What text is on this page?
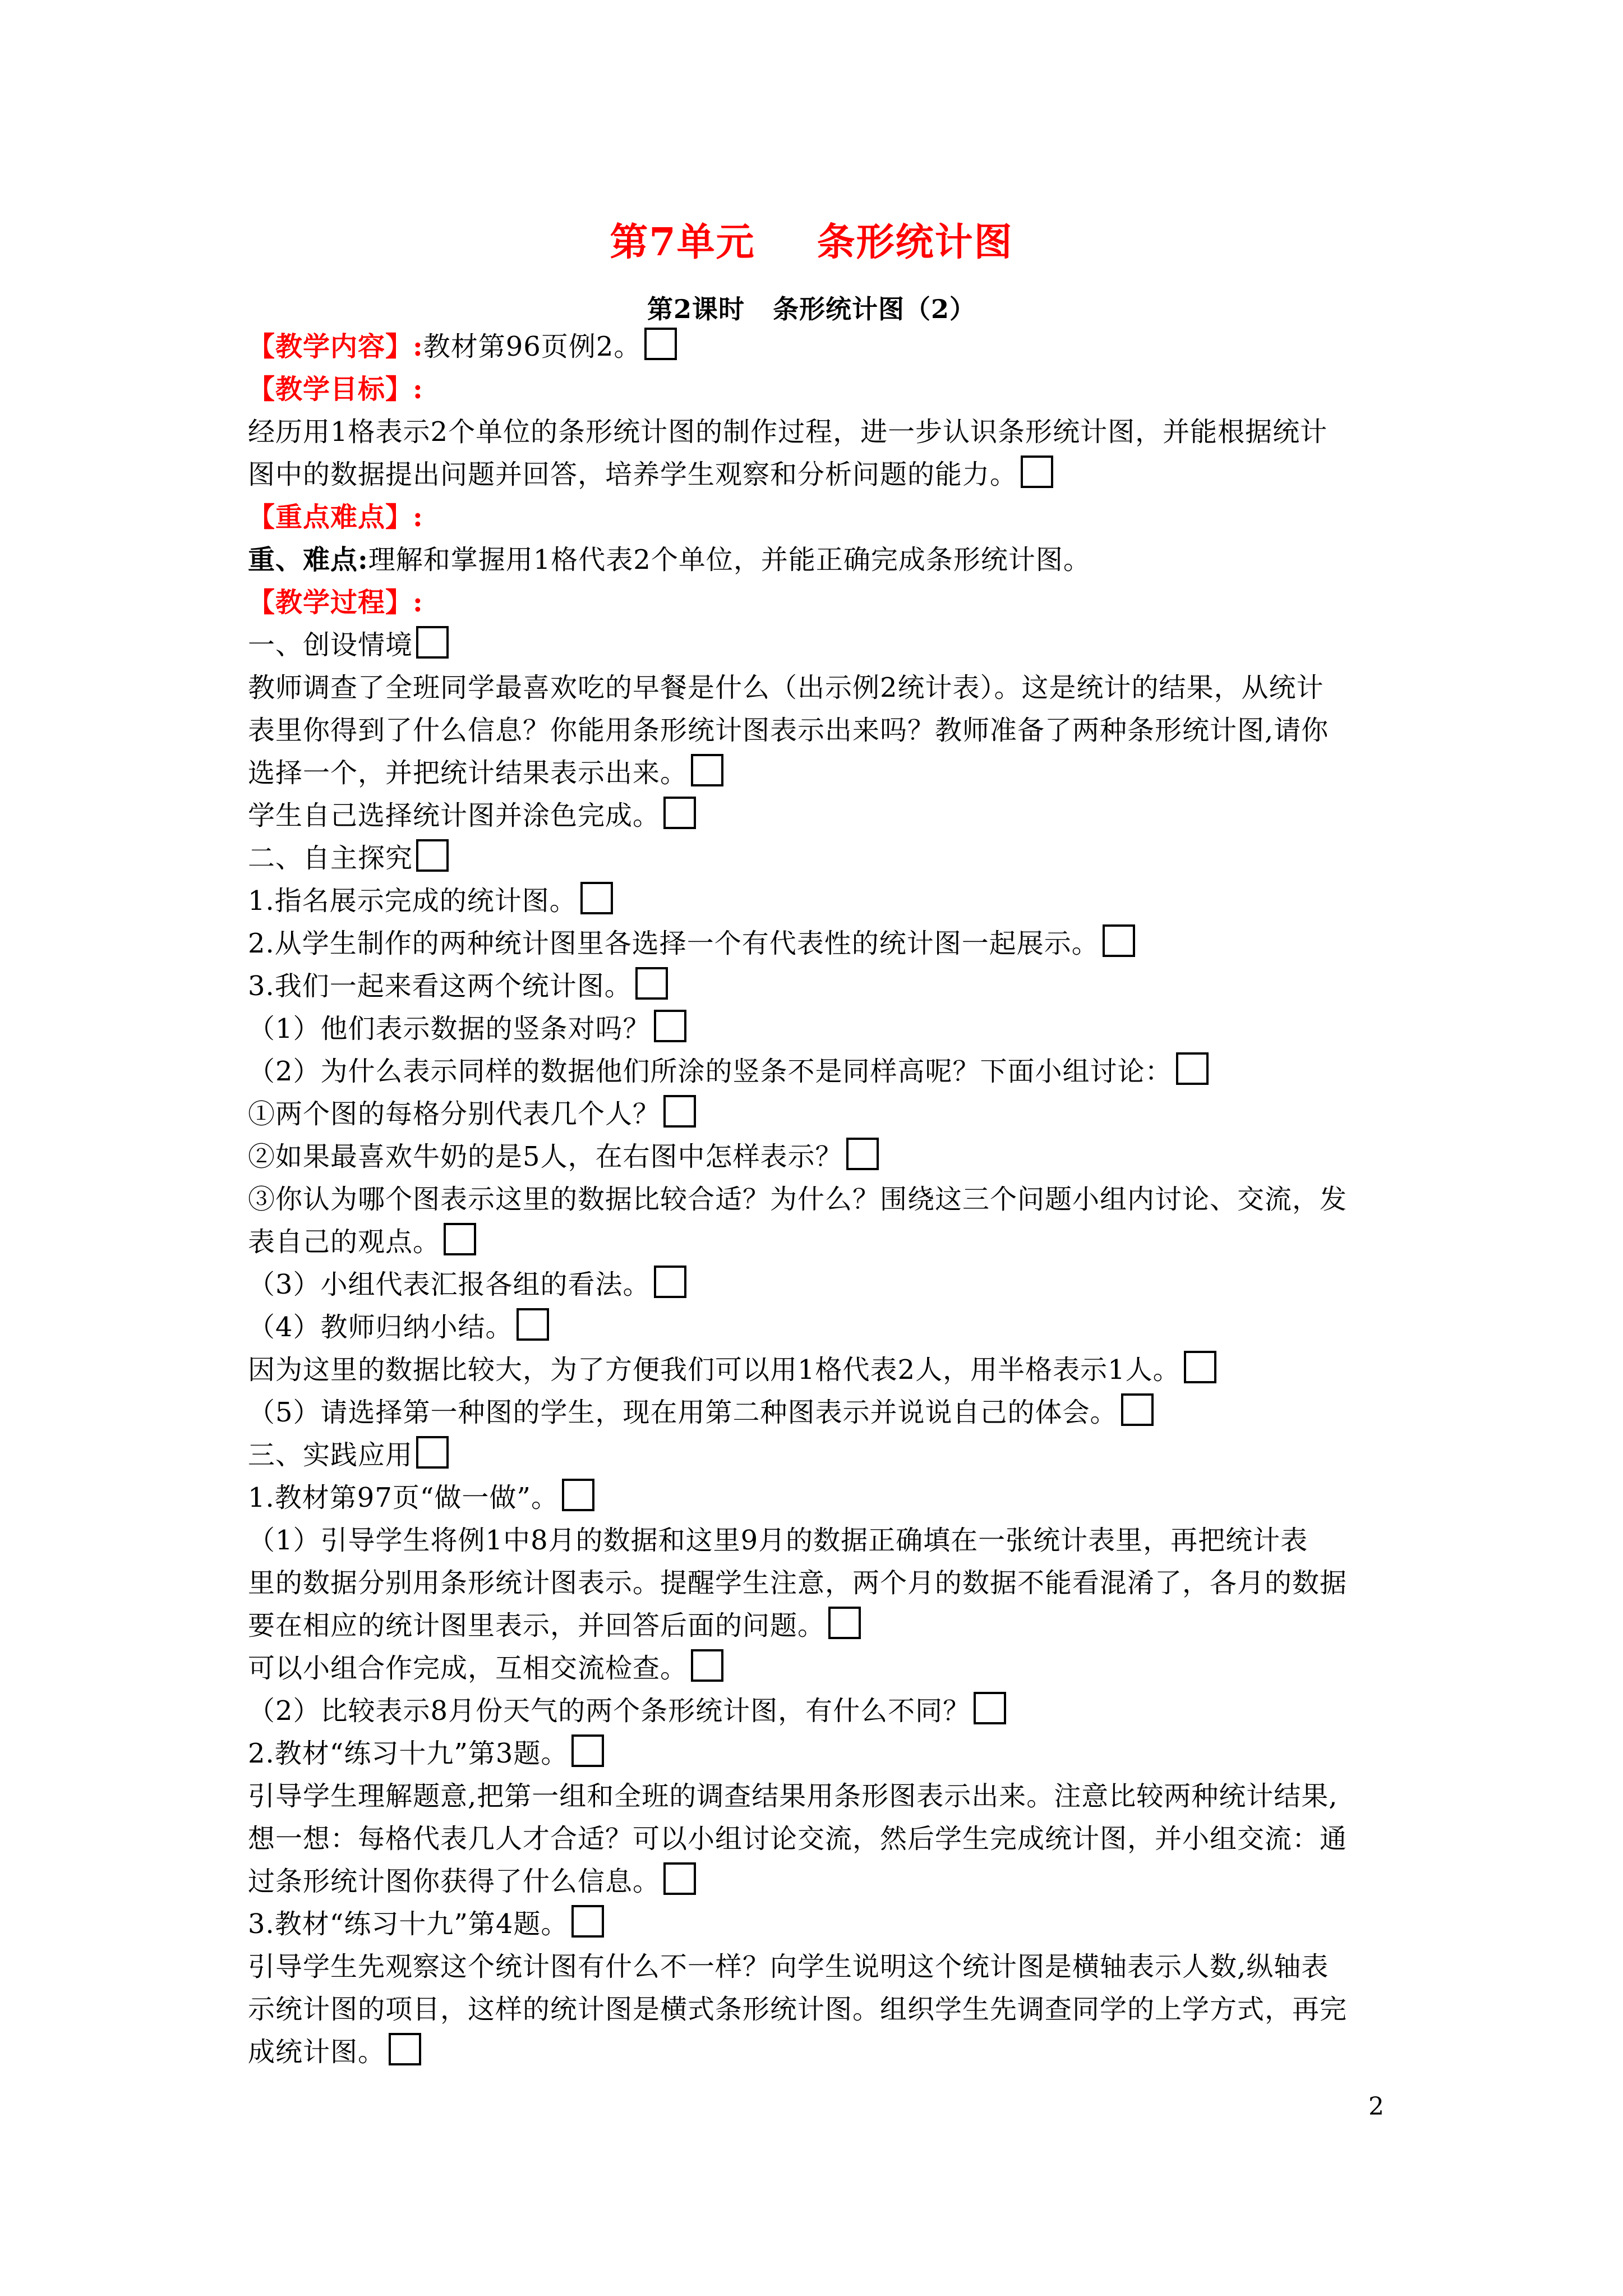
第7单元 条形统计图
第2课时 条形统计图（2）
【教学内容】:教材第96页例2。
【教学目标】:
经历用1格表示2个单位的条形统计图的制作过程，进一步认识条形统计图，并能根据统计
图中的数据提出问题并回答，培养学生观察和分析问题的能力。
【重点难点】:
重、难点:理解和掌握用1格代表2个单位，并能正确完成条形统计图。
【教学过程】:
一、创设情境
教师调查了全班同学最喜欢吃的早餐是什么（出示例2统计表）。这是统计的结果，从统计
表里你得到了什么信息？你能用条形统计图表示出来吗？教师准备了两种条形统计图,请你
选择一个，并把统计结果表示出来。
学生自己选择统计图并涂色完成。
二、自主探究
1.指名展示完成的统计图。
2.从学生制作的两种统计图里各选择一个有代表性的统计图一起展示。
3.我们一起来看这两个统计图。
（1）他们表示数据的竖条对吗？
（2）为什么表示同样的数据他们所涂的竖条不是同样高呢？下面小组讨论：
①两个图的每格分别代表几个人？
②如果最喜欢牛奶的是5人，在右图中怎样表示？
③你认为哪个图表示这里的数据比较合适？为什么？围绕这三个问题小组内讨论、交流，发
表自己的观点。
（3）小组代表汇报各组的看法。
（4）教师归纳小结。
因为这里的数据比较大，为了方便我们可以用1格代表2人，用半格表示1人。
（5）请选择第一种图的学生，现在用第二种图表示并说说自己的体会。
三、实践应用
1.教材第97页“做一做”。
（1）引导学生将例1中8月的数据和这里9月的数据正确填在一张统计表里，再把统计表
里的数据分别用条形统计图表示。提醒学生注意，两个月的数据不能看混淆了，各月的数据
要在相应的统计图里表示，并回答后面的问题。
可以小组合作完成，互相交流检查。
（2）比较表示8月份天气的两个条形统计图，有什么不同？
2.教材“练习十九”第3题。
引导学生理解题意,把第一组和全班的调查结果用条形图表示出来。注意比较两种统计结果,
想一想：每格代表几人才合适？可以小组讨论交流，然后学生完成统计图，并小组交流：通
过条形统计图你获得了什么信息。
3.教材“练习十九”第4题。
引导学生先观察这个统计图有什么不一样？向学生说明这个统计图是横轴表示人数,纵轴表
示统计图的项目，这样的统计图是横式条形统计图。组织学生先调查同学的上学方式，再完
成统计图。
2
